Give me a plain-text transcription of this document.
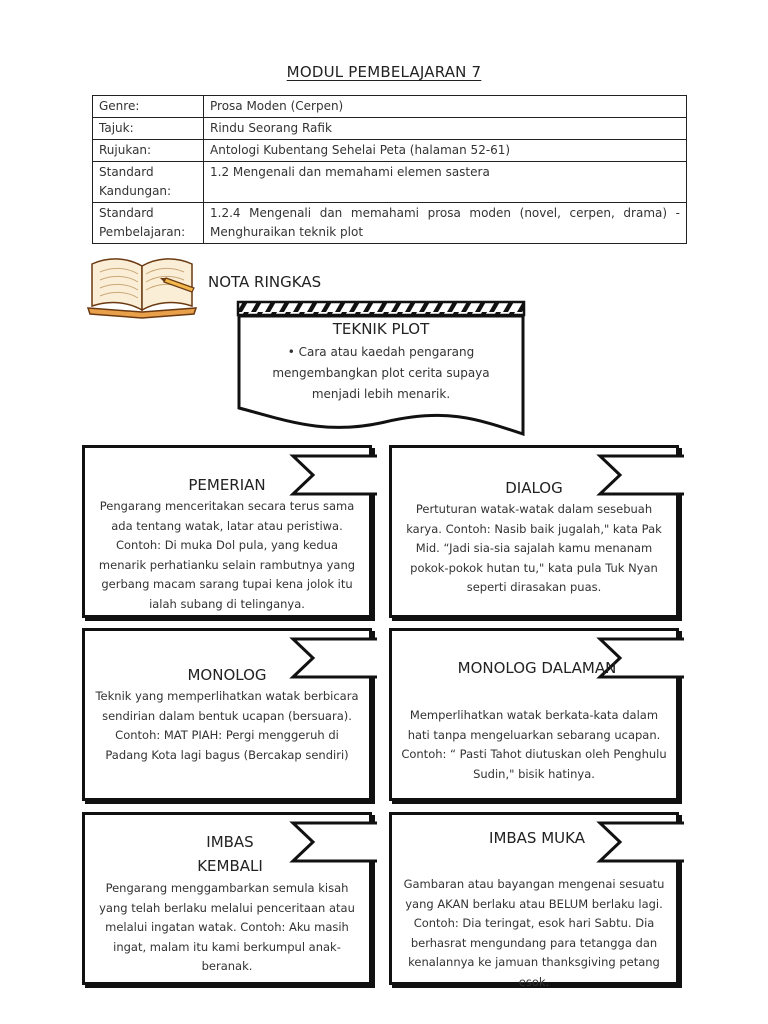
MODUL PEMBELAJARAN 7
Genre:	Prosa Moden (Cerpen)
Tajuk:	Rindu Seorang Rafik
Rujukan:	Antologi Kubentang Sehelai Peta (halaman 52-61)
Standard Kandungan:	1.2 Mengenali dan memahami elemen sastera
Standard Pembelajaran:	1.2.4 Mengenali dan memahami prosa moden (novel, cerpen, drama) - Menghuraikan teknik plot
NOTA RINGKAS
TEKNIK PLOT
• Cara atau kaedah pengarang mengembangkan plot cerita supaya menjadi lebih menarik.
PEMERIAN
Pengarang menceritakan secara terus sama ada tentang watak, latar atau peristiwa. Contoh: Di muka Dol pula, yang kedua menarik perhatianku selain rambutnya yang gerbang macam sarang tupai kena jolok itu ialah subang di telinganya.
DIALOG
Pertuturan watak-watak dalam sesebuah karya. Contoh: Nasib baik jugalah," kata Pak Mid. “Jadi sia-sia sajalah kamu menanam pokok-pokok hutan tu," kata pula Tuk Nyan seperti dirasakan puas.
MONOLOG
Teknik yang memperlihatkan watak berbicara sendirian dalam bentuk ucapan (bersuara). Contoh: MAT PIAH: Pergi menggeruh di Padang Kota lagi bagus (Bercakap sendiri)
MONOLOG DALAMAN
Memperlihatkan watak berkata-kata dalam hati tanpa mengeluarkan sebarang ucapan. Contoh: “ Pasti Tahot diutuskan oleh Penghulu Sudin," bisik hatinya.
IMBAS KEMBALI
Pengarang menggambarkan semula kisah yang telah berlaku melalui penceritaan atau melalui ingatan watak. Contoh: Aku masih ingat, malam itu kami berkumpul anak-beranak.
IMBAS MUKA
Gambaran atau bayangan mengenai sesuatu yang AKAN berlaku atau BELUM berlaku lagi. Contoh: Dia teringat, esok hari Sabtu. Dia berhasrat mengundang para tetangga dan kenalannya ke jamuan thanksgiving petang esok.
